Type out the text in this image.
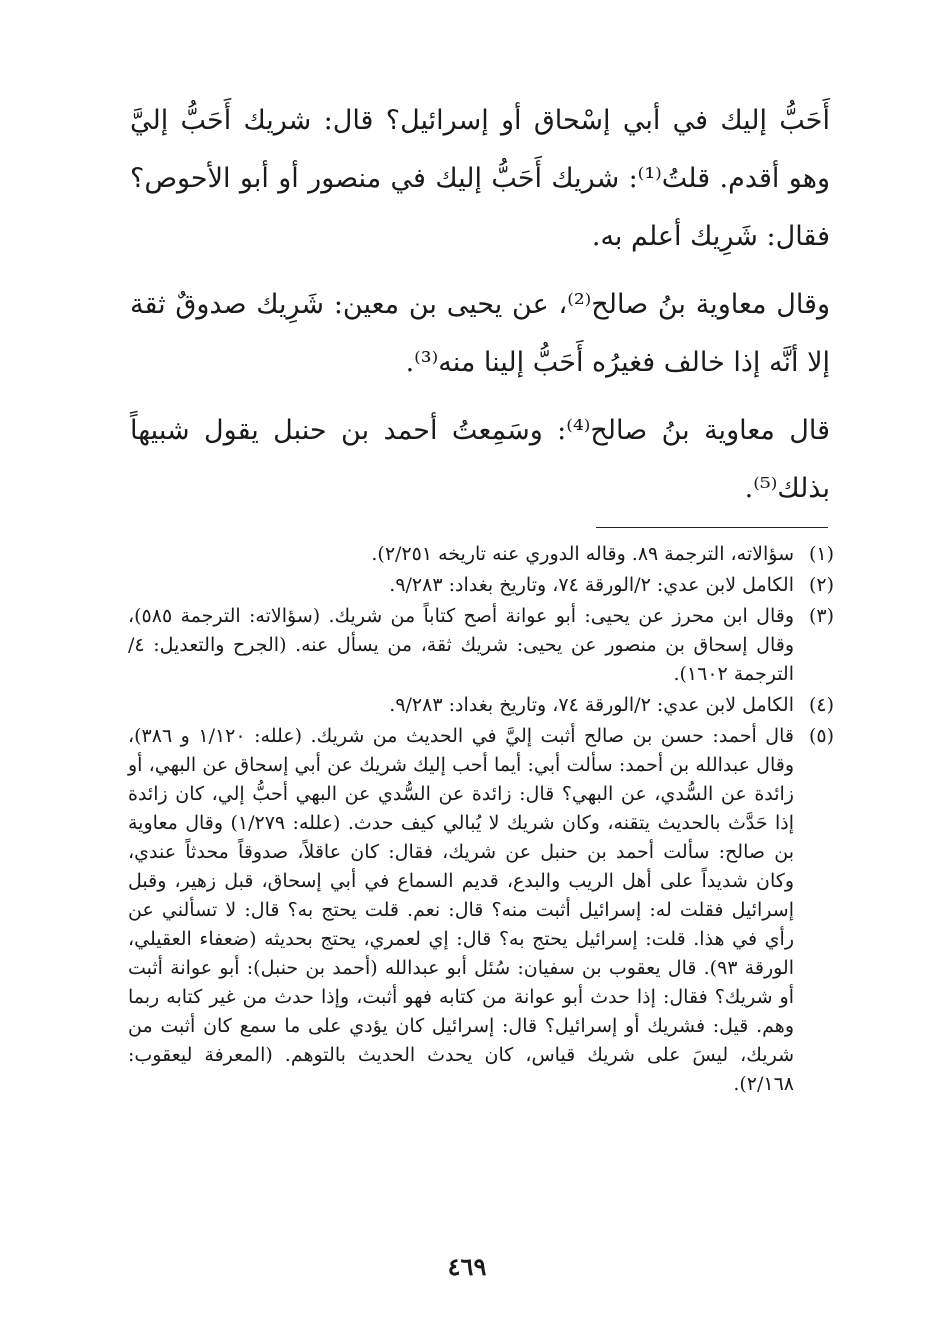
أَحَبُّ إليك في أبي إسْحاق أو إسرائيل؟ قال: شريك أَحَبُّ إليَّ وهو أقدم. قلتُ⁽¹⁾: شريك أَحَبُّ إليك في منصور أو أبو الأحوص؟ فقال: شَرِيك أعلم به.

وقال معاوية بنُ صالح⁽²⁾، عن يحيى بن معين: شَرِيك صدوقٌ ثقة إلا أنَّه إذا خالف فغيرُه أَحَبُّ إلينا منه⁽³⁾.

قال معاوية بنُ صالح⁽⁴⁾: وسَمِعتُ أحمد بن حنبل يقول شبيهاً بذلك⁽⁵⁾.

(١)
سؤالاته، الترجمة ٨٩. وقاله الدوري عنه تاريخه ٢/٢٥١).
(٢)
الكامل لابن عدي: ٢/الورقة ٧٤، وتاريخ بغداد: ٩/٢٨٣.
(٣)
وقال ابن محرز عن يحيى: أبو عوانة أصح كتاباً من شريك. (سؤالاته: الترجمة ٥٨٥)، وقال إسحاق بن منصور عن يحيى: شريك ثقة، من يسأل عنه. (الجرح والتعديل: ٤/الترجمة ١٦٠٢).
(٤)
الكامل لابن عدي: ٢/الورقة ٧٤، وتاريخ بغداد: ٩/٢٨٣.
(٥)
قال أحمد: حسن بن صالح أثبت إليَّ في الحديث من شريك. (علله: ١/١٢٠ و ٣٨٦)، وقال عبدالله بن أحمد: سألت أبي: أيما أحب إليك شريك عن أبي إسحاق عن البهي، أو زائدة عن السُّدي، عن البهي؟ قال: زائدة عن السُّدي عن البهي أحبُّ إلي، كان زائدة إذا حَدَّث بالحديث يتقنه، وكان شريك لا يُبالي كيف حدث. (علله: ١/٢٧٩) وقال معاوية بن صالح: سألت أحمد بن حنبل عن شريك، فقال: كان عاقلاً، صدوقاً محدثاً عندي، وكان شديداً على أهل الريب والبدع، قديم السماع في أبي إسحاق، قبل زهير، وقبل إسرائيل فقلت له: إسرائيل أثبت منه؟ قال: نعم. قلت يحتج به؟ قال: لا تسألني عن رأي في هذا. قلت: إسرائيل يحتج به؟ قال: إي لعمري، يحتج بحديثه (ضعفاء العقيلي، الورقة ٩٣). قال يعقوب بن سفيان: سُئل أبو عبدالله (أحمد بن حنبل): أبو عوانة أثبت أو شريك؟ فقال: إذا حدث أبو عوانة من كتابه فهو أثبت، وإذا حدث من غير كتابه ربما وهم. قيل: فشريك أو إسرائيل؟ قال: إسرائيل كان يؤدي على ما سمع كان أثبت من شريك، ليسَ على شريك قياس، كان يحدث الحديث بالتوهم. (المعرفة ليعقوب: ٢/١٦٨).
٤٦٩
